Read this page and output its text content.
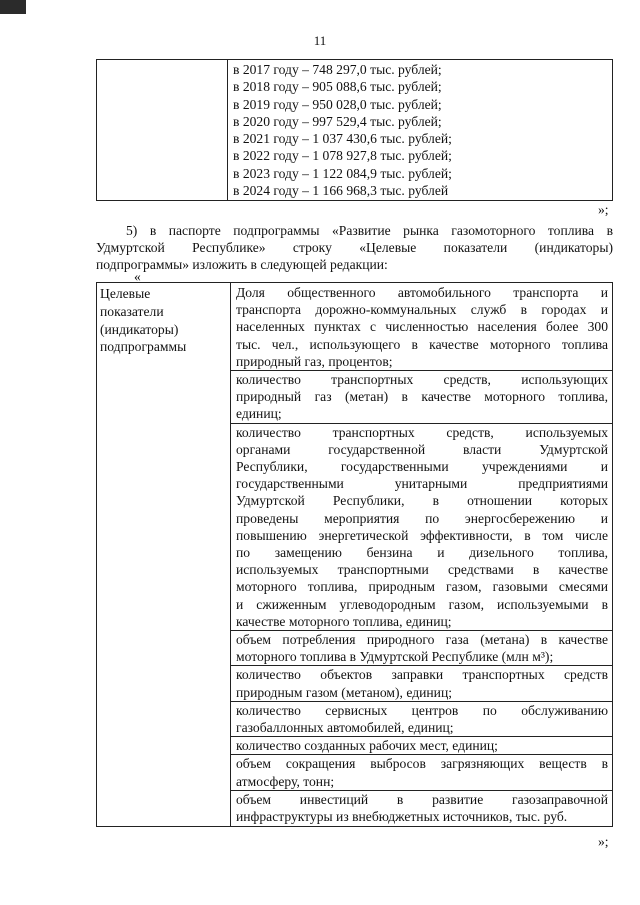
11

в 2017 году – 748 297,0 тыс. рублей;
в 2018 году – 905 088,6 тыс. рублей;
в 2019 году – 950 028,0 тыс. рублей;
в 2020 году – 997 529,4 тыс. рублей;
в 2021 году – 1 037 430,6 тыс. рублей;
в 2022 году – 1 078 927,8 тыс. рублей;
в 2023 году – 1 122 084,9 тыс. рублей;
в 2024 году – 1 166 968,3 тыс. рублей
»;
5) в паспорте подпрограммы «Развитие рынка газомоторного топлива в
Удмуртской Республике» строку «Целевые показатели (индикаторы)
подпрограммы» изложить в следующей редакции:
«
Целевые
показатели
(индикаторы)
подпрограммы

Доля общественного автомобильного транспорта и
транспорта дорожно-коммунальных служб в городах и
населенных пунктах с численностью населения более 300
тыс. чел., использующего в качестве моторного топлива
природный газ, процентов;
количество транспортных средств, использующих
природный газ (метан) в качестве моторного топлива,
единиц;
количество транспортных средств, используемых
органами государственной власти Удмуртской
Республики, государственными учреждениями и
государственными унитарными предприятиями
Удмуртской Республики, в отношении которых
проведены мероприятия по энергосбережению и
повышению энергетической эффективности, в том числе
по замещению бензина и дизельного топлива,
используемых транспортными средствами в качестве
моторного топлива, природным газом, газовыми смесями
и сжиженным углеводородным газом, используемыми в
качестве моторного топлива, единиц;
объем потребления природного газа (метана) в качестве
моторного топлива в Удмуртской Республике (млн м³);
количество объектов заправки транспортных средств
природным газом (метаном), единиц;
количество сервисных центров по обслуживанию
газобаллонных автомобилей, единиц;
количество созданных рабочих мест, единиц;
объем сокращения выбросов загрязняющих веществ в
атмосферу, тонн;
объем инвестиций в развитие газозаправочной
инфраструктуры из внебюджетных источников, тыс. руб.
»;
